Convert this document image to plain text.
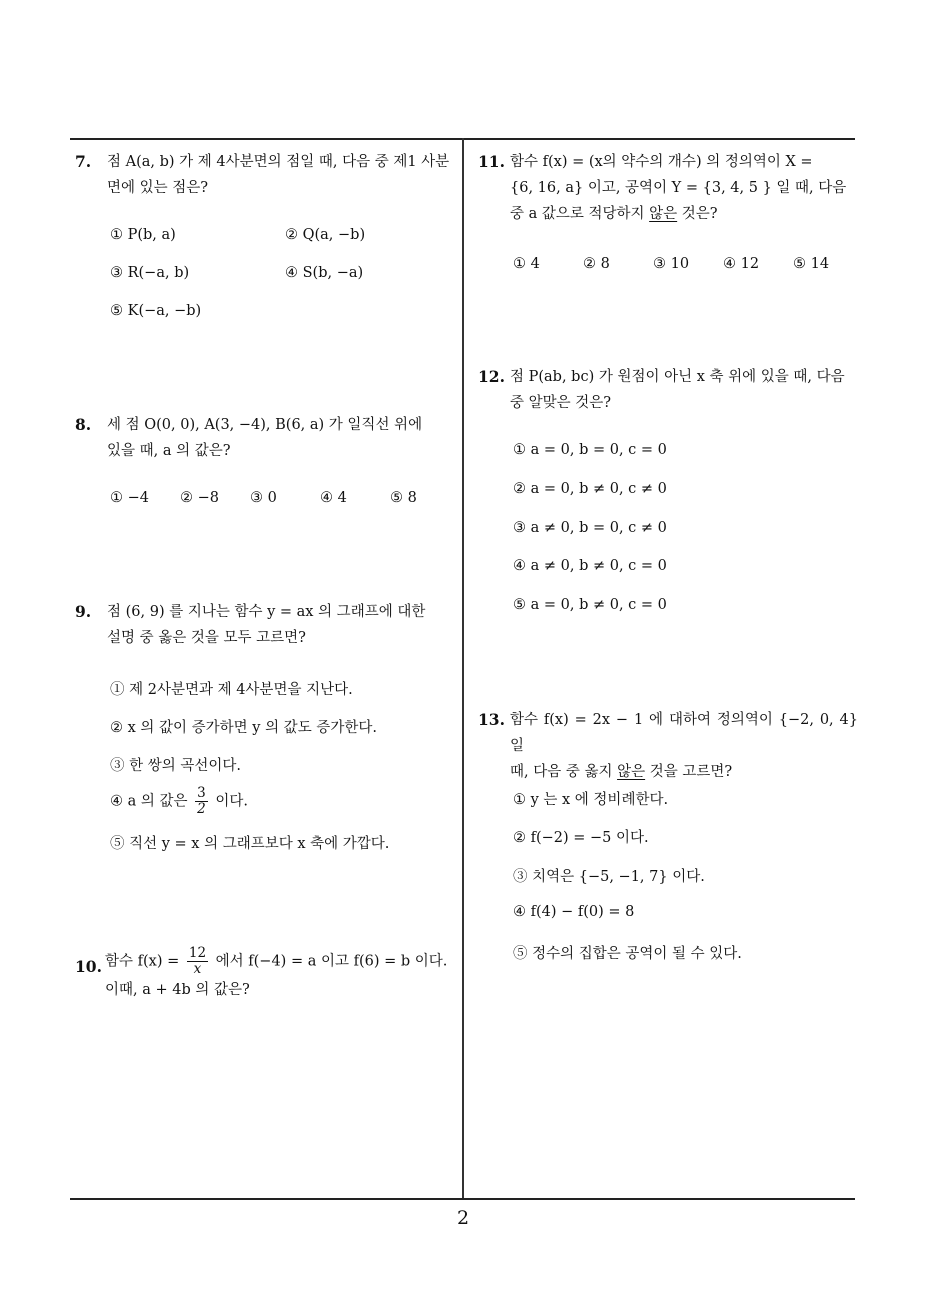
7. 점 A(a, b) 가 제 4사분면의 점일 때, 다음 중 제1 사분
면에 있는 점은?
① P(b, a)	② Q(a, −b)
③ R(−a, b)	④ S(b, −a)
⑤ K(−a, −b)
8. 세 점 O(0, 0), A(3, −4), B(6, a) 가 일직선 위에
있을 때, a 의 값은?
① −4 ② −8 ③ 0	④ 4	⑤ 8
9. 점 (6, 9) 를 지나는 함수 y = ax 의 그래프에 대한
설명 중 옳은 것을 모두 고르면?
① 제 2사분면과 제 4사분면을 지난다.
② x 의 값이 증가하면 y 의 값도 증가한다.
③ 한 쌍의 곡선이다.
④ a 의 값은 $\frac{3}{2}$ 이다.
⑤ 직선 y = x 의 그래프보다 x 축에 가깝다.
10. 함수 $f(x) = \frac{12}{x}$ 에서 f(−4) = a 이고 f(6) = b 이다.
이때, a + 4b 의 값은?
11. 함수 f(x) = (x의 약수의 개수) 의 정의역이 X =
{6, 16, a} 이고, 공역이 Y = {3, 4, 5 } 일 때, 다음
중 a 값으로 적당하지 않은 것은?
① 4	② 8	③ 10 ④ 12 ⑤ 14
12. 점 P(ab, bc) 가 원점이 아닌 x 축 위에 있을 때, 다음
중 알맞은 것은?
① a = 0, b = 0, c = 0
② a = 0, b ≠ 0, c ≠ 0
③ a ≠ 0, b = 0, c ≠ 0
④ a ≠ 0, b ≠ 0, c = 0
⑤ a = 0, b ≠ 0, c = 0
13. 함수 f(x) = 2x − 1 에 대하여 정의역이 {−2, 0, 4} 일
때, 다음 중 옳지 않은 것을 고르면?
① y 는 x 에 정비례한다.
② f(−2) = −5 이다.
③ 치역은 {−5, −1, 7} 이다.
④ f(4) − f(0) = 8
⑤ 정수의 집합은 공역이 될 수 있다.
2
